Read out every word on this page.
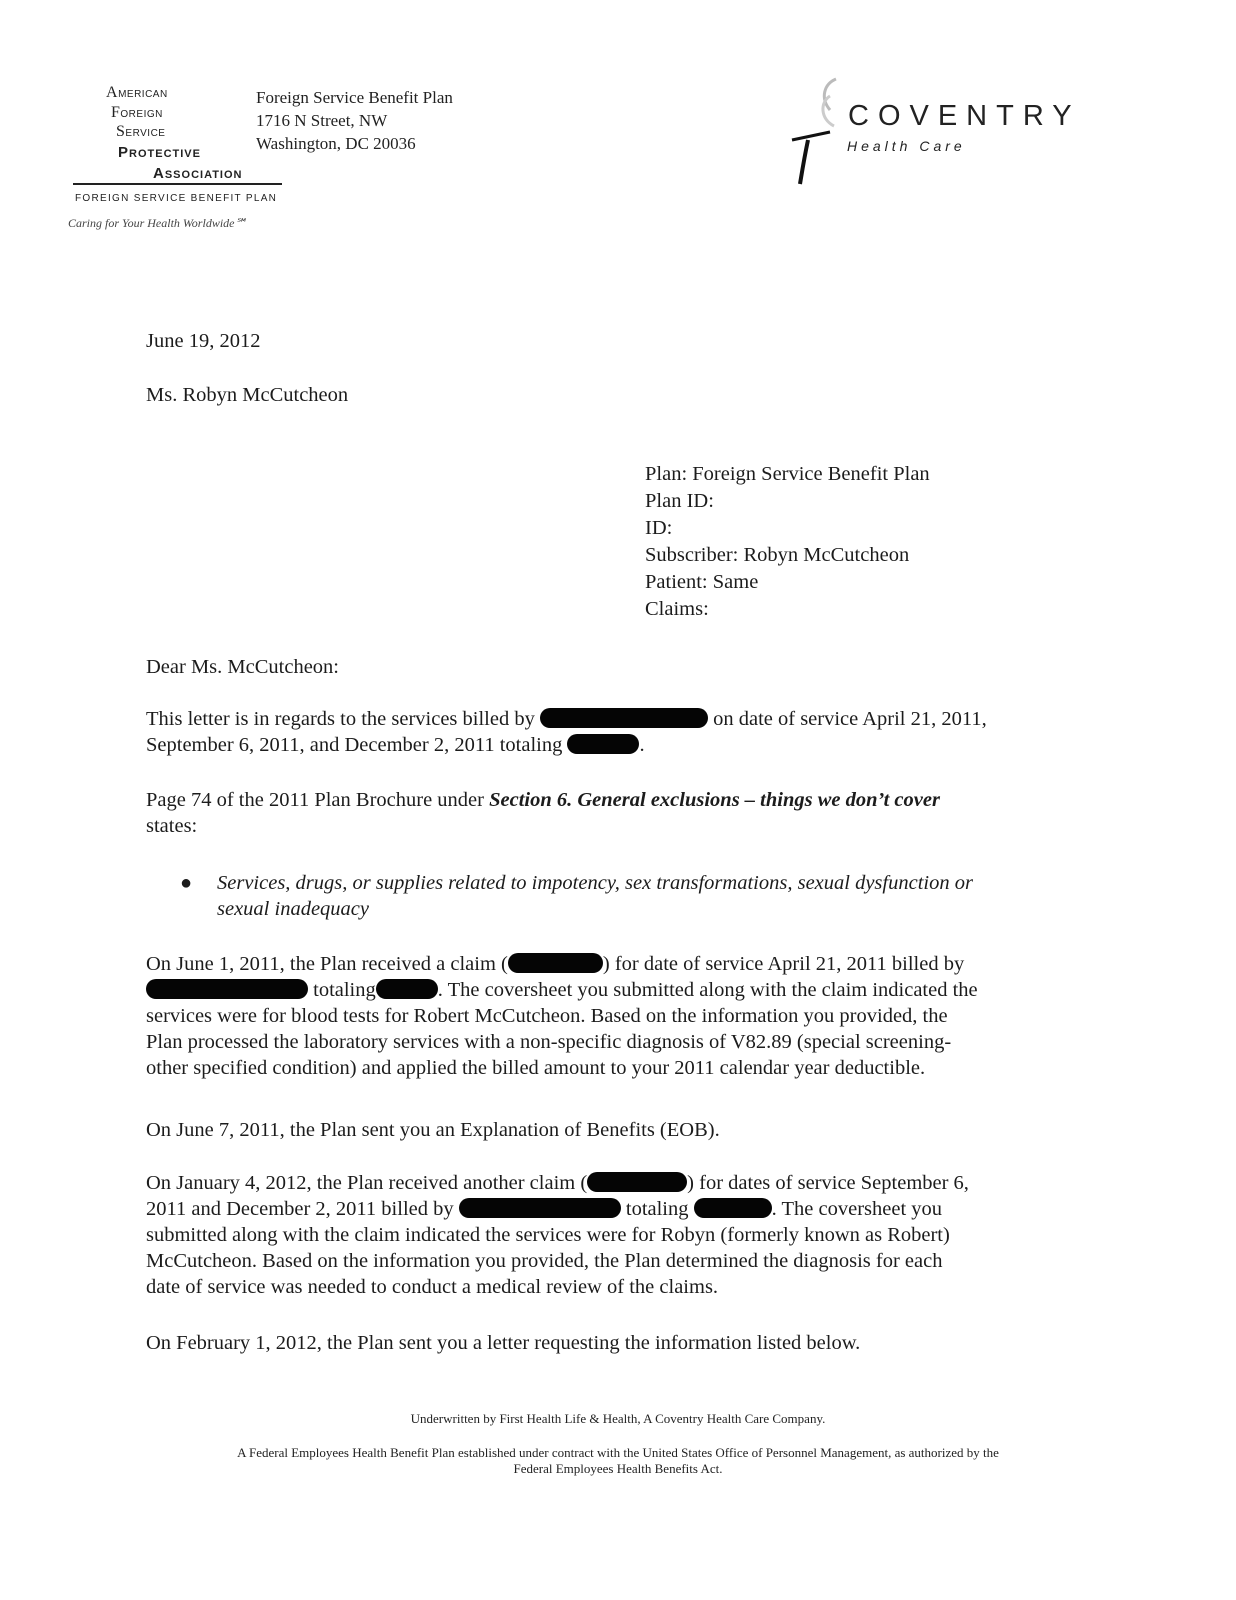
AMERICAN
FOREIGN
SERVICE
PROTECTIVE
ASSOCIATION
FOREIGN SERVICE BENEFIT PLAN
Caring for Your Health Worldwide℠
Foreign Service Benefit Plan
1716 N Street, NW
Washington, DC 20036
COVENTRY
Health Care
June 19, 2012
Ms. Robyn McCutcheon
Plan: Foreign Service Benefit Plan
Plan ID:
ID:
Subscriber: Robyn McCutcheon
Patient: Same
Claims:
Dear Ms. McCutcheon:
This letter is in regards to the services billed by	on date of service April 21, 2011,
September 6, 2011, and December 2, 2011 totaling	.
Page 74 of the 2011 Plan Brochure under Section 6. General exclusions – things we don’t cover
states:
● Services, drugs, or supplies related to impotency, sex transformations, sexual dysfunction or
sexual inadequacy
On June 1, 2011, the Plan received a claim (	) for date of service April 21, 2011 billed by
totaling	. The coversheet you submitted along with the claim indicated the
services were for blood tests for Robert McCutcheon. Based on the information you provided, the
Plan processed the laboratory services with a non-specific diagnosis of V82.89 (special screening-
other specified condition) and applied the billed amount to your 2011 calendar year deductible.
On June 7, 2011, the Plan sent you an Explanation of Benefits (EOB).
On January 4, 2012, the Plan received another claim (	) for dates of service September 6,
2011 and December 2, 2011 billed by	totaling	. The coversheet you
submitted along with the claim indicated the services were for Robyn (formerly known as Robert)
McCutcheon. Based on the information you provided, the Plan determined the diagnosis for each
date of service was needed to conduct a medical review of the claims.
On February 1, 2012, the Plan sent you a letter requesting the information listed below.
Underwritten by First Health Life & Health, A Coventry Health Care Company.
A Federal Employees Health Benefit Plan established under contract with the United States Office of Personnel Management, as authorized by the
Federal Employees Health Benefits Act.
